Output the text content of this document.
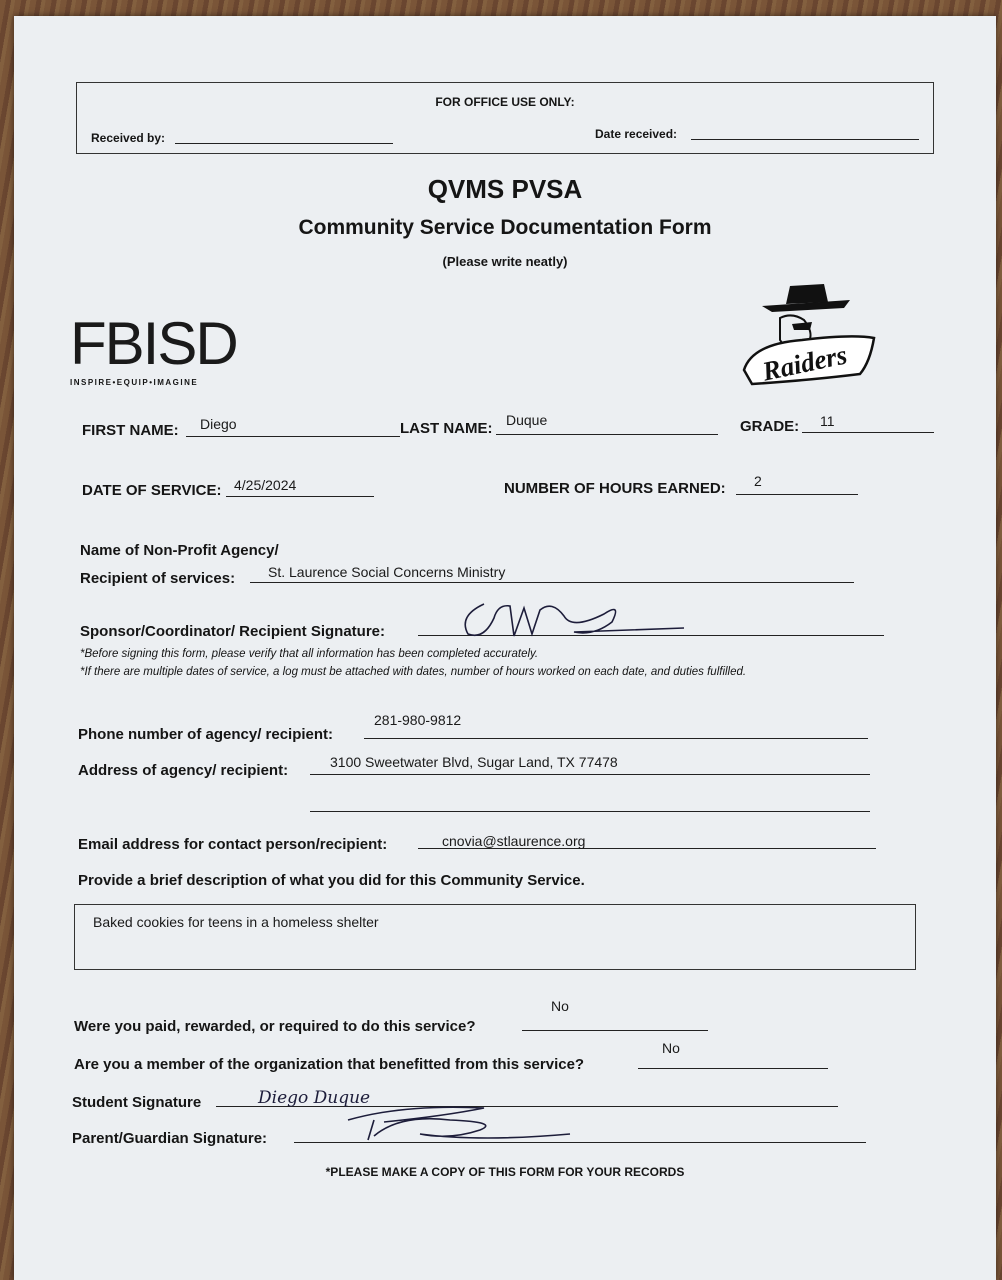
FOR OFFICE USE ONLY:
Received by:	Date received:
QVMS PVSA
Community Service Documentation Form
(Please write neatly)
FBISD
INSPIRE•EQUIP•IMAGINE	Raiders
FIRST NAME: Diego	LAST NAME: Duque	GRADE: 11
DATE OF SERVICE: 4/25/2024	NUMBER OF HOURS EARNED: 2
Name of Non-Profit Agency/
Recipient of services: St. Laurence Social Concerns Ministry
Sponsor/Coordinator/ Recipient Signature:
*Before signing this form, please verify that all information has been completed accurately.
*If there are multiple dates of service, a log must be attached with dates, number of hours worked on each date, and duties fulfilled.
Phone number of agency/ recipient:
281-980-9812
Address of agency/ recipient:	3100 Sweetwater Blvd, Sugar Land, TX 77478
Email address for contact person/recipient:	cnovia@stlaurence.org
Provide a brief description of what you did for this Community Service.
Baked cookies for teens in a homeless shelter
No
Were you paid, rewarded, or required to do this service?
No
Are you a member of the organization that benefitted from this service?
Student Signature	Diego Duque
Parent/Guardian Signature:
*PLEASE MAKE A COPY OF THIS FORM FOR YOUR RECORDS
